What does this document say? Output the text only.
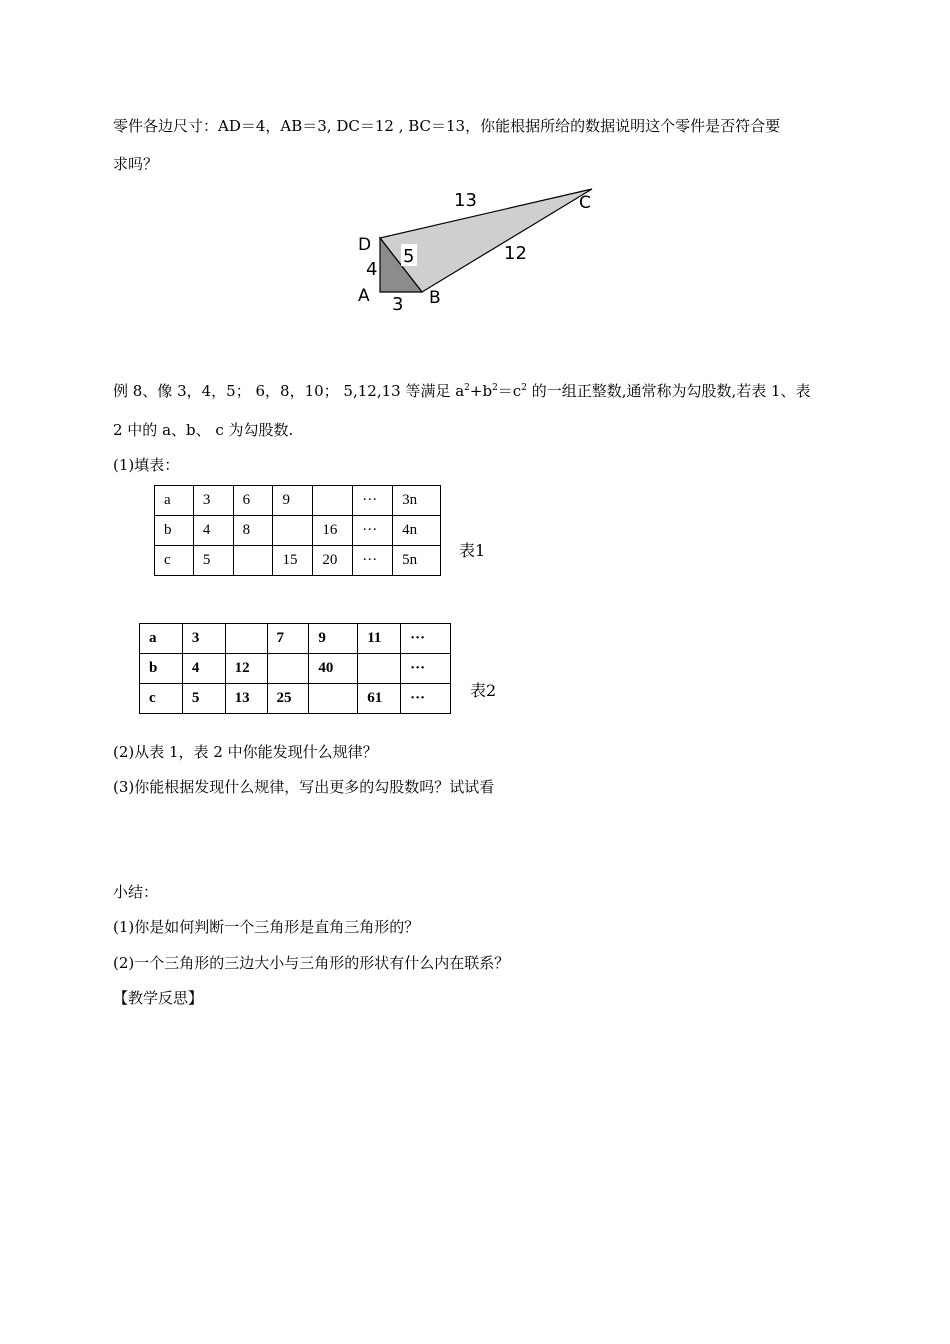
零件各边尺寸：AD＝4，AB＝3, DC＝12 , BC＝13，你能根据所给的数据说明这个零件是否符合要

求吗？

5
13
12
4
3
D
A	B
C

例 8、像 3，4，5； 6，8，10； 5,12,13 等满足 $a^2+b^2=c^2$ 的一组正整数,通常称为勾股数,若表 1、表

2 中的 a、b、 c 为勾股数.

(1)填表：

a	3	6	9		···	3n
b	4	8		16	···	4n
c	5		15	20	···	5n	表1
a	3		7	9	11	···
b	4	12		40		···
c	5	13	25		61	···	表2

(2)从表 1，表 2 中你能发现什么规律？

(3)你能根据发现什么规律，写出更多的勾股数吗？试试看

小结：

(1)你是如何判断一个三角形是直角三角形的？

(2)一个三角形的三边大小与三角形的形状有什么内在联系？

【教学反思】
